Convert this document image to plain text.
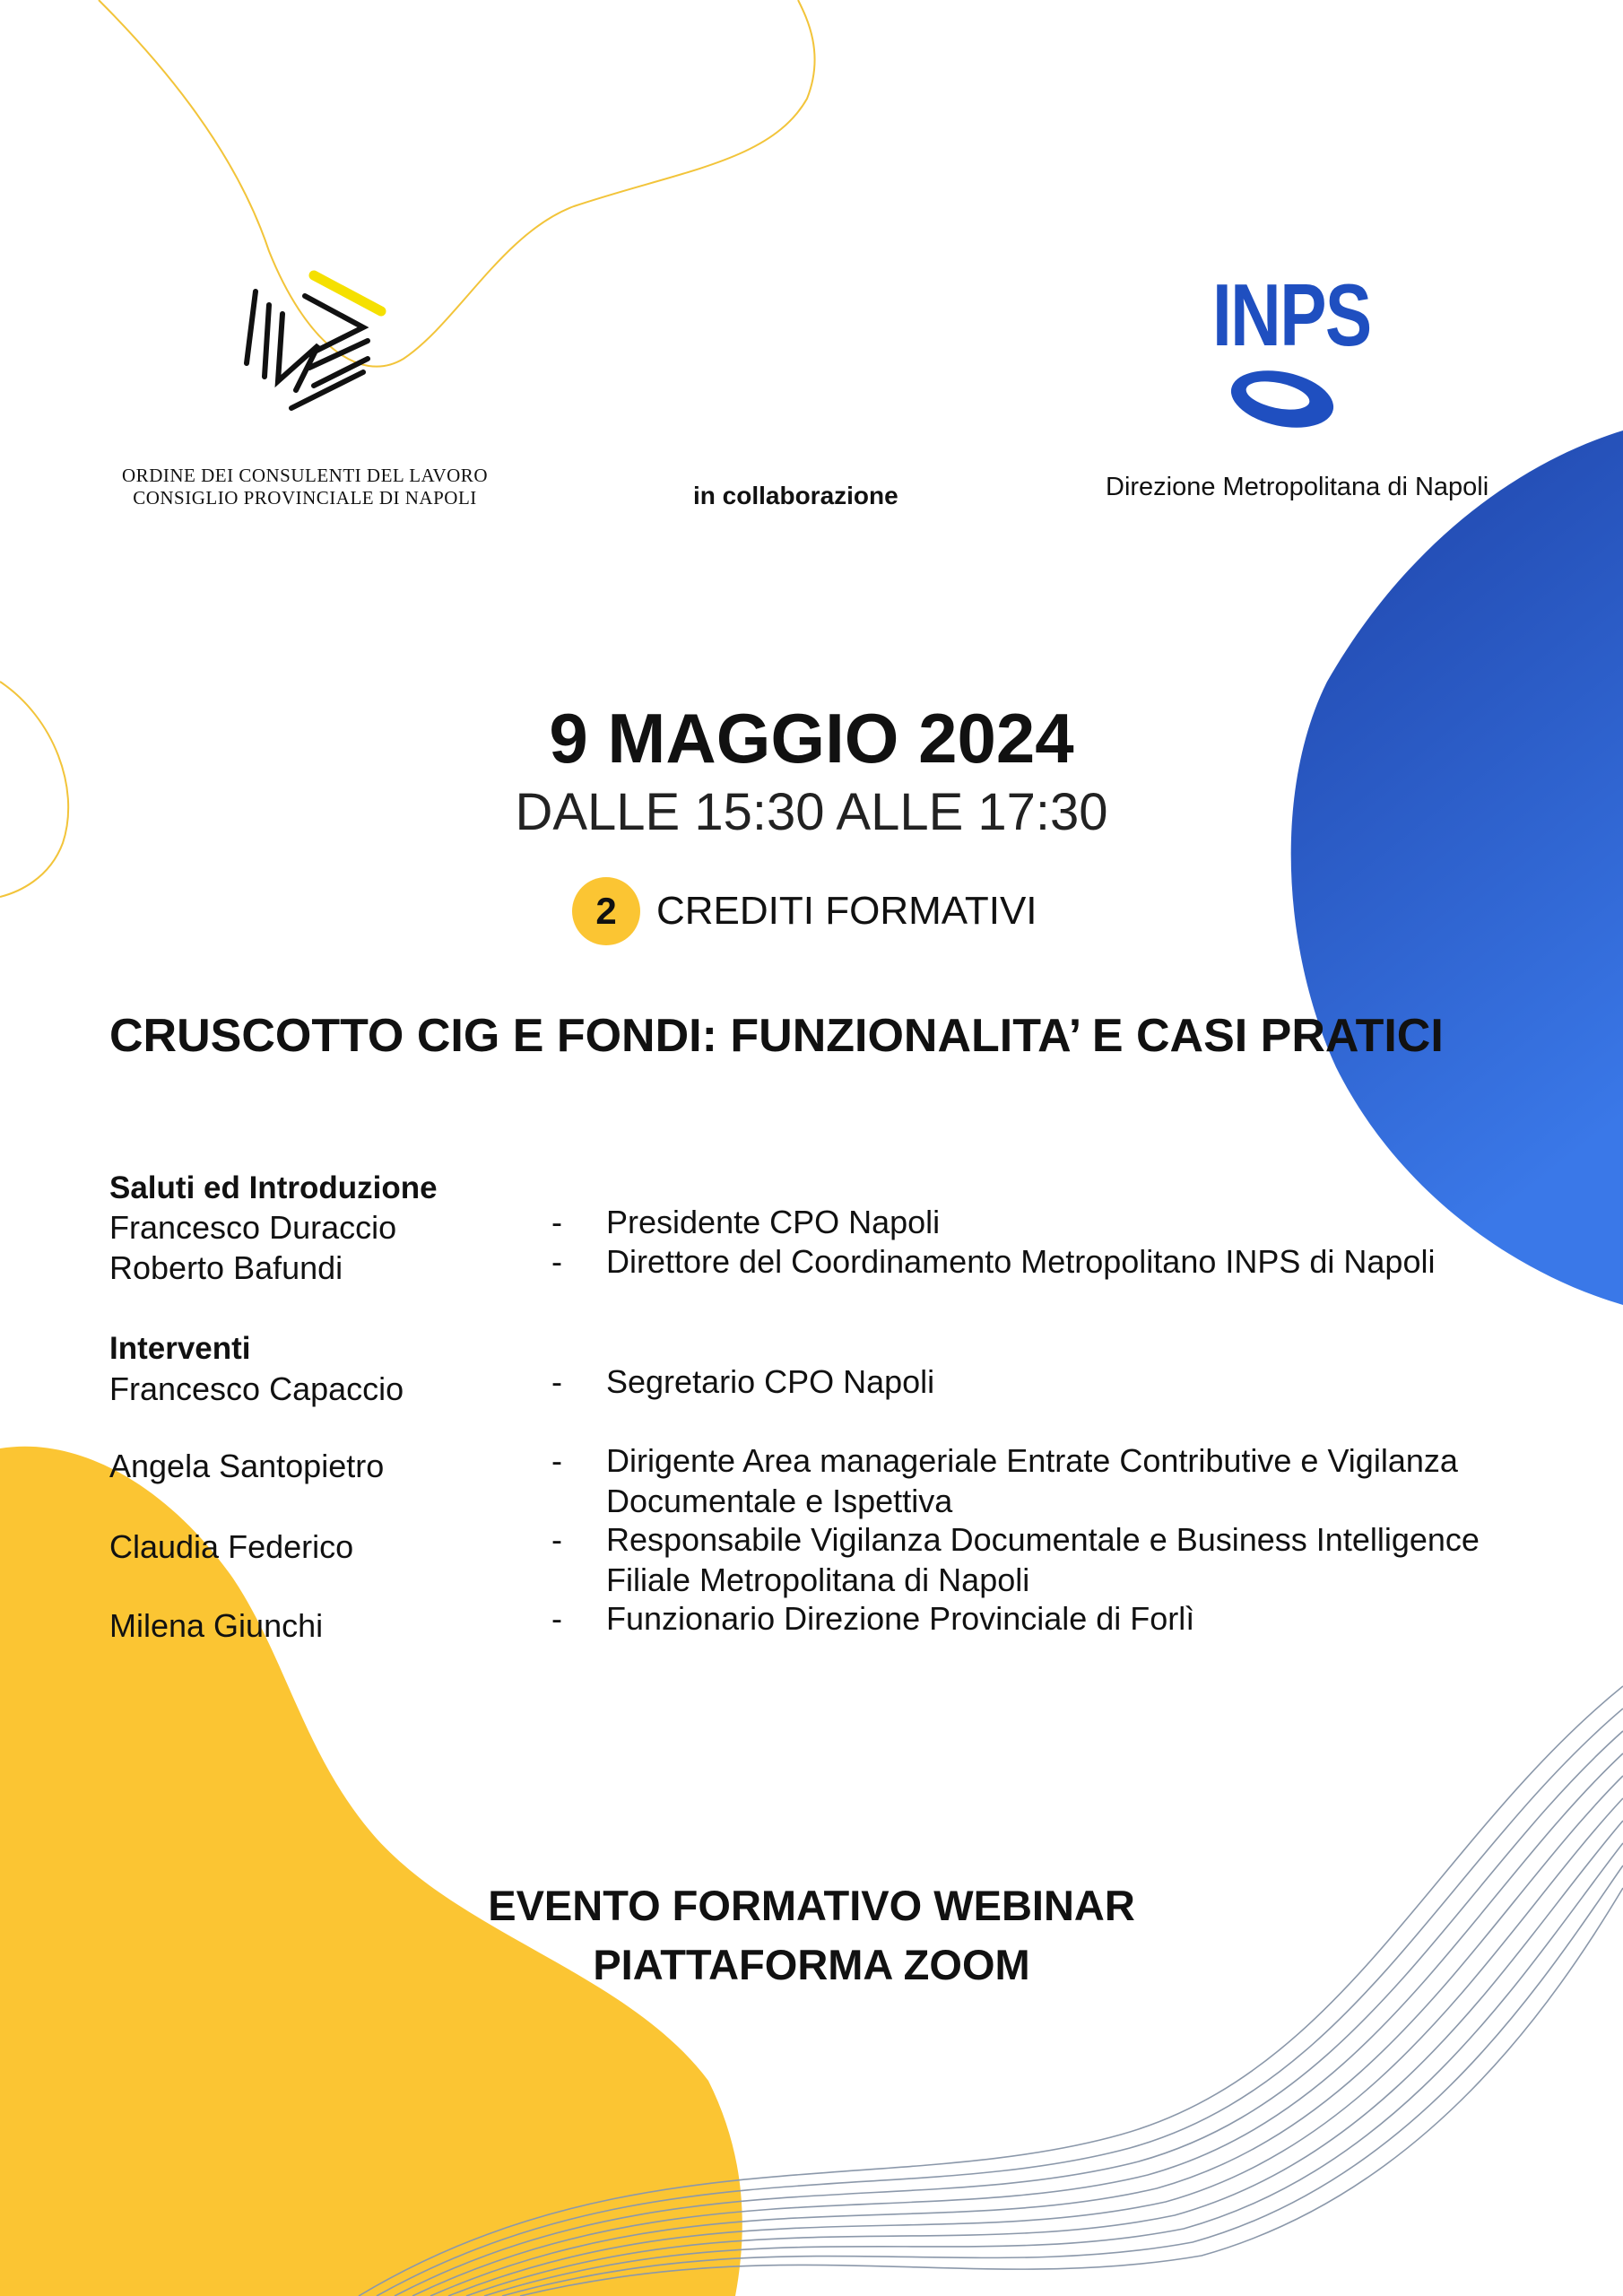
ORDINE DEI CONSULENTI DEL LAVORO
CONSIGLIO PROVINCIALE DI NAPOLI	in collaborazione
INPS
Direzione Metropolitana di Napoli
9 MAGGIO 2024
DALLE 15:30 ALLE 17:30
2	CREDITI FORMATIVI
CRUSCOTTO CIG E FONDI: FUNZIONALITA’ E CASI PRATICI
Saluti ed Introduzione
Francesco Duraccio	- Presidente CPO Napoli
Roberto Bafundi	- Direttore del Coordinamento Metropolitano INPS di Napoli
Interventi
Francesco Capaccio	- Segretario CPO Napoli
Angela Santopietro	- Dirigente Area manageriale Entrate Contributive e Vigilanza Documentale e Ispettiva
Claudia Federico	- Responsabile Vigilanza Documentale e Business Intelligence Filiale Metropolitana di Napoli
Milena Giunchi	- Funzionario Direzione Provinciale di Forlì
EVENTO FORMATIVO WEBINAR
PIATTAFORMA ZOOM
